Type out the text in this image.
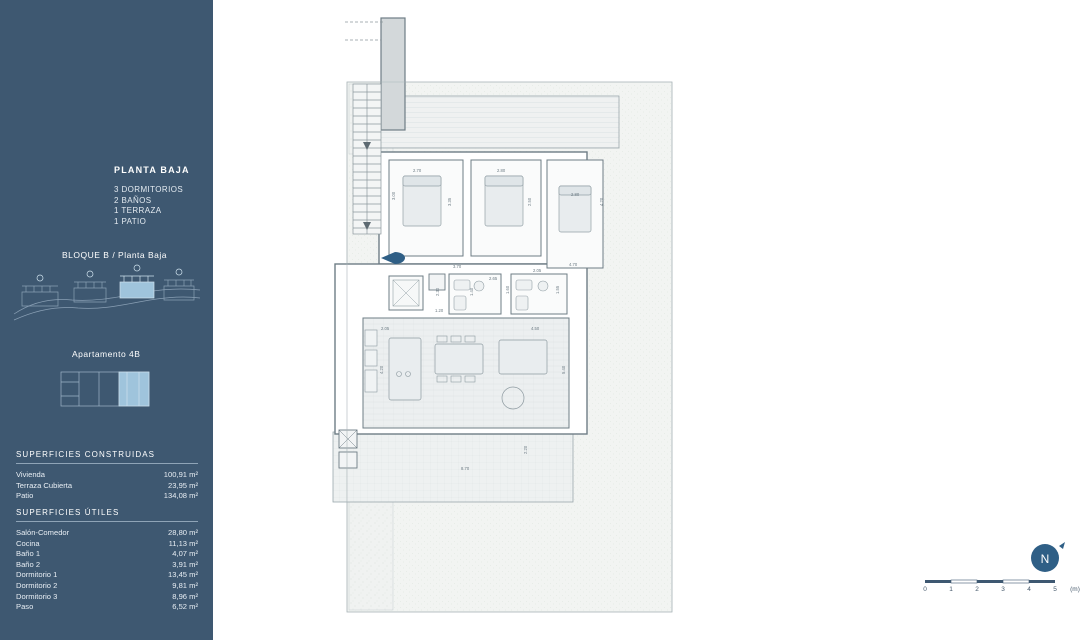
PLANTA BAJA
3 DORMITORIOS
2 BAÑOS
1 TERRAZA
1 PATIO
BLOQUE B / Planta Baja
Apartamento 4B
SUPERFICIES CONSTRUIDAS
Vivienda	100,91 m²
Terraza Cubierta	23,95 m²
Patio	134,08 m²
SUPERFICIES ÚTILES
Salón-Comedor	28,80 m²
Cocina	11,13 m²
Baño 1	4,07 m²
Baño 2	3,91 m²
Dormitorio 1	13,45 m²
Dormitorio 2	9,81 m²
Dormitorio 3	8,96 m²
Paso	6,52 m²
2.70	2.80
2.80
3.00
4.20
3.35	2.50
3.70
2.65
2.05
4.70
1.40	1.60	1.55
2.30
1.20
2.05
4.20	5.40
4.50
2.20
8.70
N
0	1	2	3	4	5 (m)
